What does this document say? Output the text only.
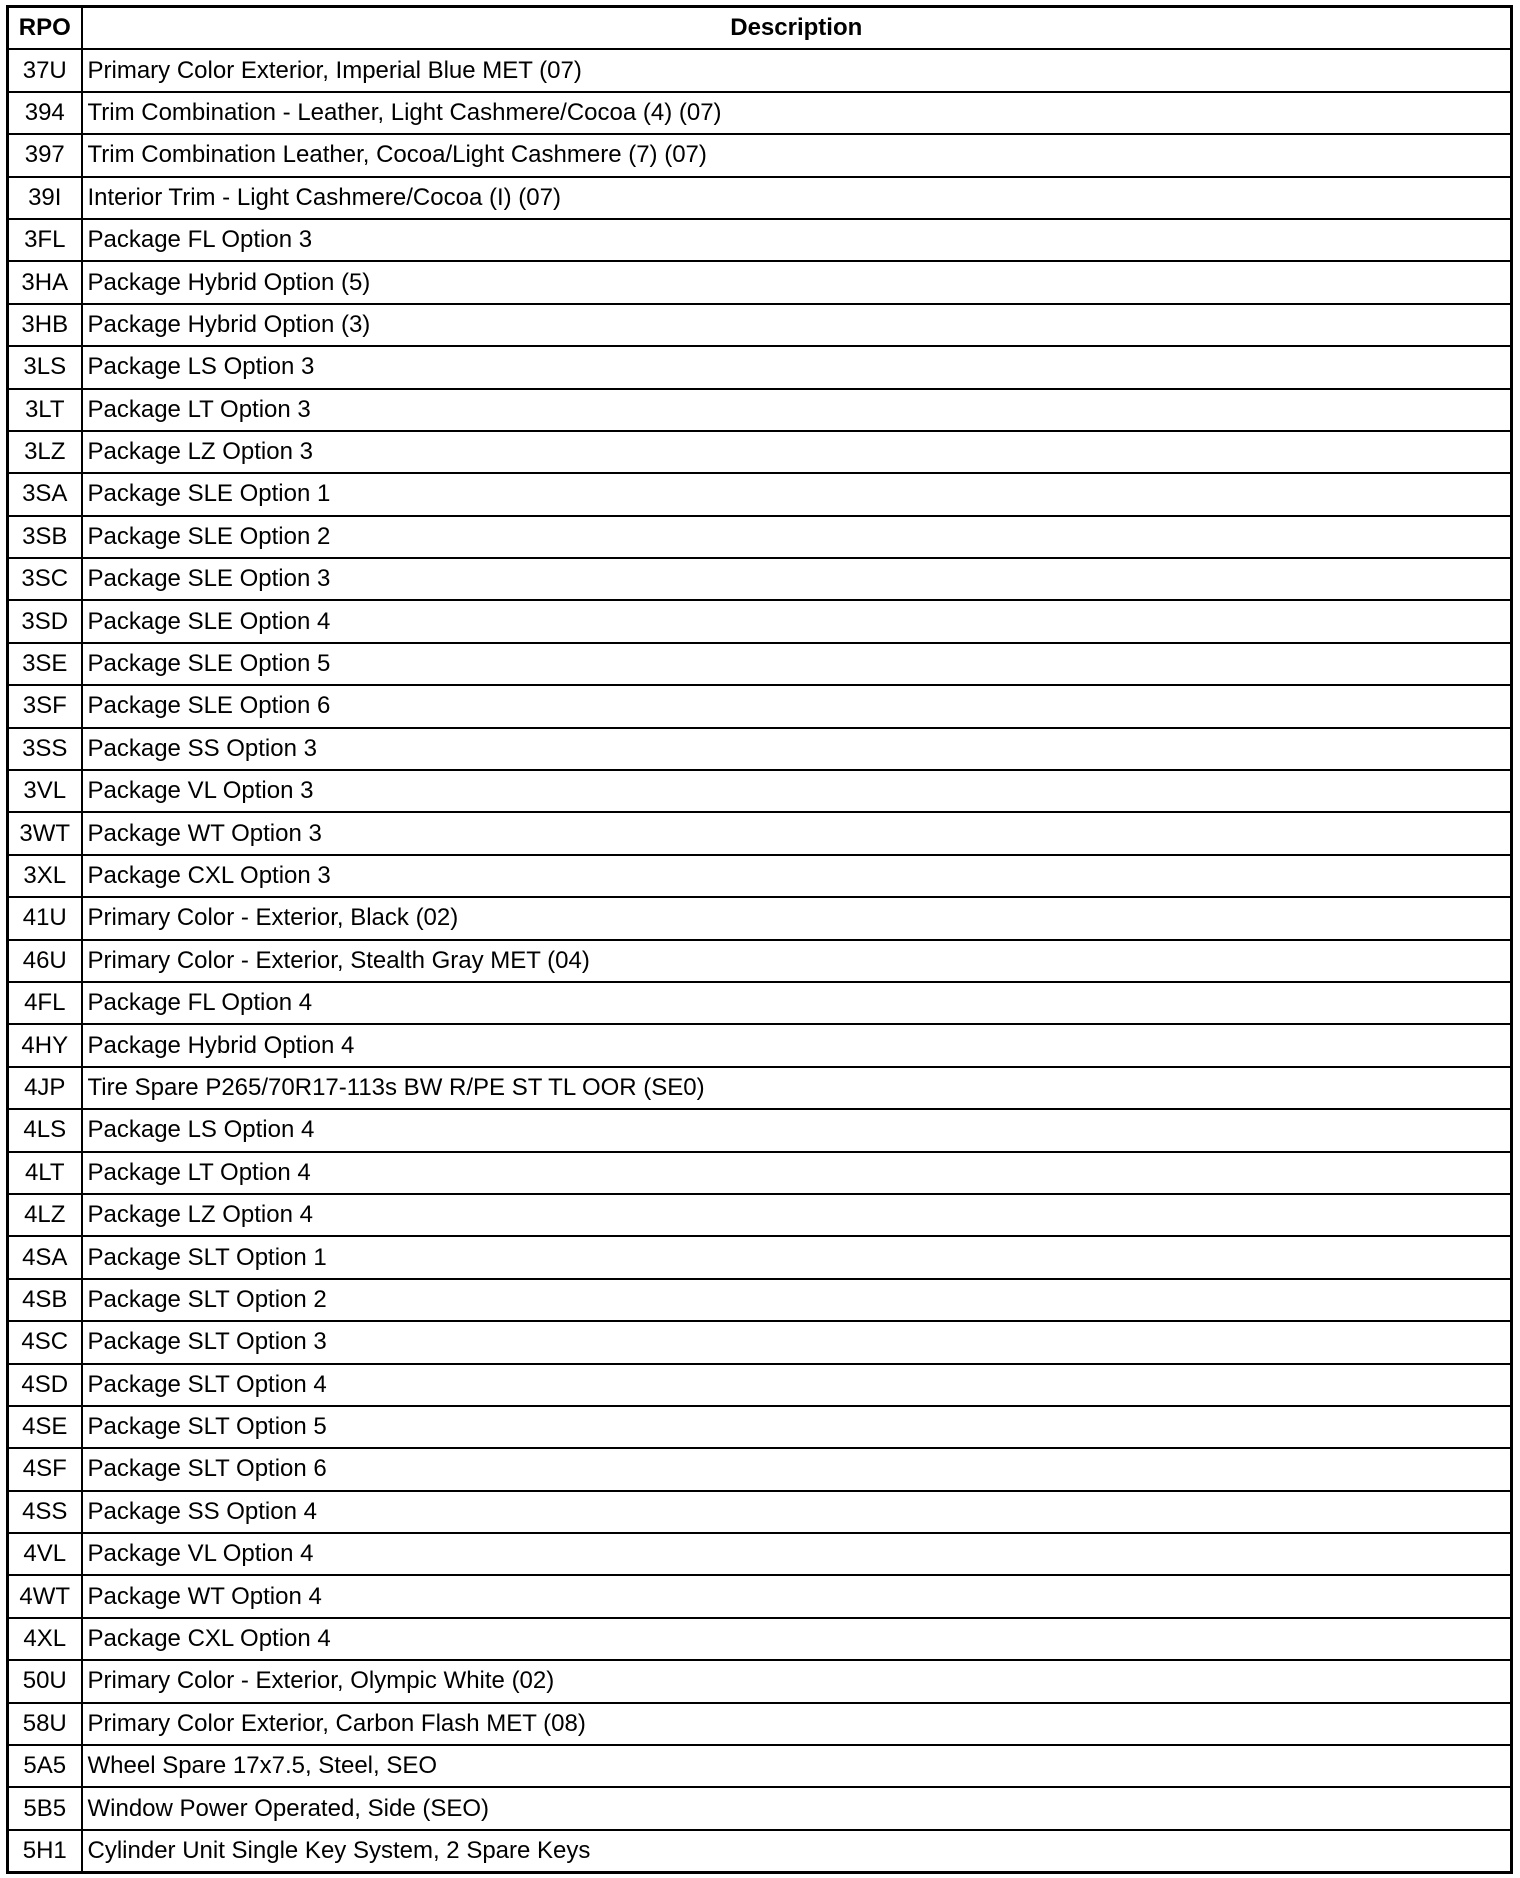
RPO	Description
37U	Primary Color Exterior, Imperial Blue MET (07)
394	Trim Combination - Leather, Light Cashmere/Cocoa (4) (07)
397	Trim Combination Leather, Cocoa/Light Cashmere (7) (07)
39I	Interior Trim - Light Cashmere/Cocoa (I) (07)
3FL	Package FL Option 3
3HA	Package Hybrid Option (5)
3HB	Package Hybrid Option (3)
3LS	Package LS Option 3
3LT	Package LT Option 3
3LZ	Package LZ Option 3
3SA	Package SLE Option 1
3SB	Package SLE Option 2
3SC	Package SLE Option 3
3SD	Package SLE Option 4
3SE	Package SLE Option 5
3SF	Package SLE Option 6
3SS	Package SS Option 3
3VL	Package VL Option 3
3WT	Package WT Option 3
3XL	Package CXL Option 3
41U	Primary Color - Exterior, Black (02)
46U	Primary Color - Exterior, Stealth Gray MET (04)
4FL	Package FL Option 4
4HY	Package Hybrid Option 4
4JP	Tire Spare P265/70R17-113s BW R/PE ST TL OOR (SE0)
4LS	Package LS Option 4
4LT	Package LT Option 4
4LZ	Package LZ Option 4
4SA	Package SLT Option 1
4SB	Package SLT Option 2
4SC	Package SLT Option 3
4SD	Package SLT Option 4
4SE	Package SLT Option 5
4SF	Package SLT Option 6
4SS	Package SS Option 4
4VL	Package VL Option 4
4WT	Package WT Option 4
4XL	Package CXL Option 4
50U	Primary Color - Exterior, Olympic White (02)
58U	Primary Color Exterior, Carbon Flash MET (08)
5A5	Wheel Spare 17x7.5, Steel, SEO
5B5	Window Power Operated, Side (SEO)
5H1	Cylinder Unit Single Key System, 2 Spare Keys
